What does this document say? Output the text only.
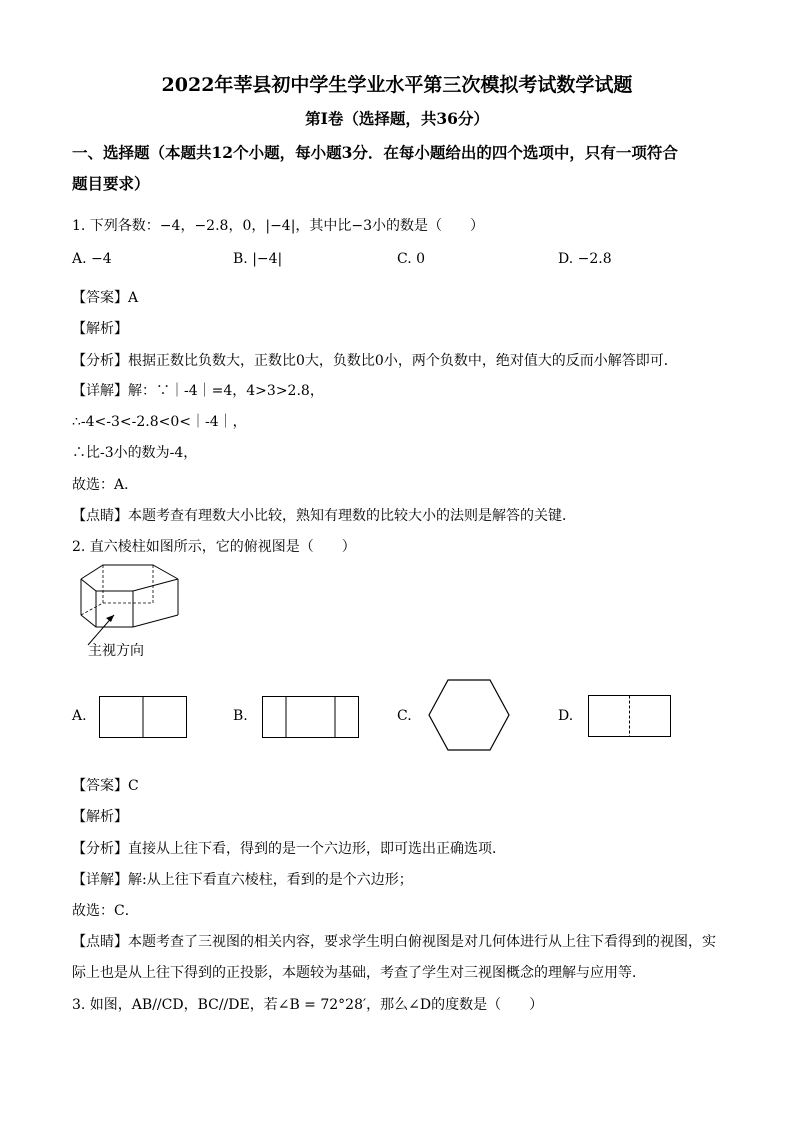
2022年莘县初中学生学业水平第三次模拟考试数学试题
第I卷（选择题，共36分）
一、选择题（本题共12个小题，每小题3分．在每小题给出的四个选项中，只有一项符合
题目要求）
1. 下列各数：−4，−2.8，0，|−4|，其中比−3小的数是（　　）
A. −4	B. |−4|	C. 0	D. −2.8
【答案】A
【解析】
【分析】根据正数比负数大，正数比0大，负数比0小，两个负数中，绝对值大的反而小解答即可．
【详解】解：∵｜-4｜=4，4>3>2.8，
∴-4<-3<-2.8<0<｜-4｜，
∴比-3小的数为-4，
故选：A．
【点睛】本题考查有理数大小比较，熟知有理数的比较大小的法则是解答的关键．
2. 直六棱柱如图所示，它的俯视图是（　　）
主视方向
A.	B.	C.	D.
【答案】C
【解析】
【分析】直接从上往下看，得到的是一个六边形，即可选出正确选项．
【详解】解:从上往下看直六棱柱，看到的是个六边形；
故选：C．
【点睛】本题考查了三视图的相关内容，要求学生明白俯视图是对几何体进行从上往下看得到的视图，实
际上也是从上往下得到的正投影，本题较为基础，考查了学生对三视图概念的理解与应用等．
3. 如图，AB//CD，BC//DE，若∠B = 72°28′，那么∠D的度数是（　　）
